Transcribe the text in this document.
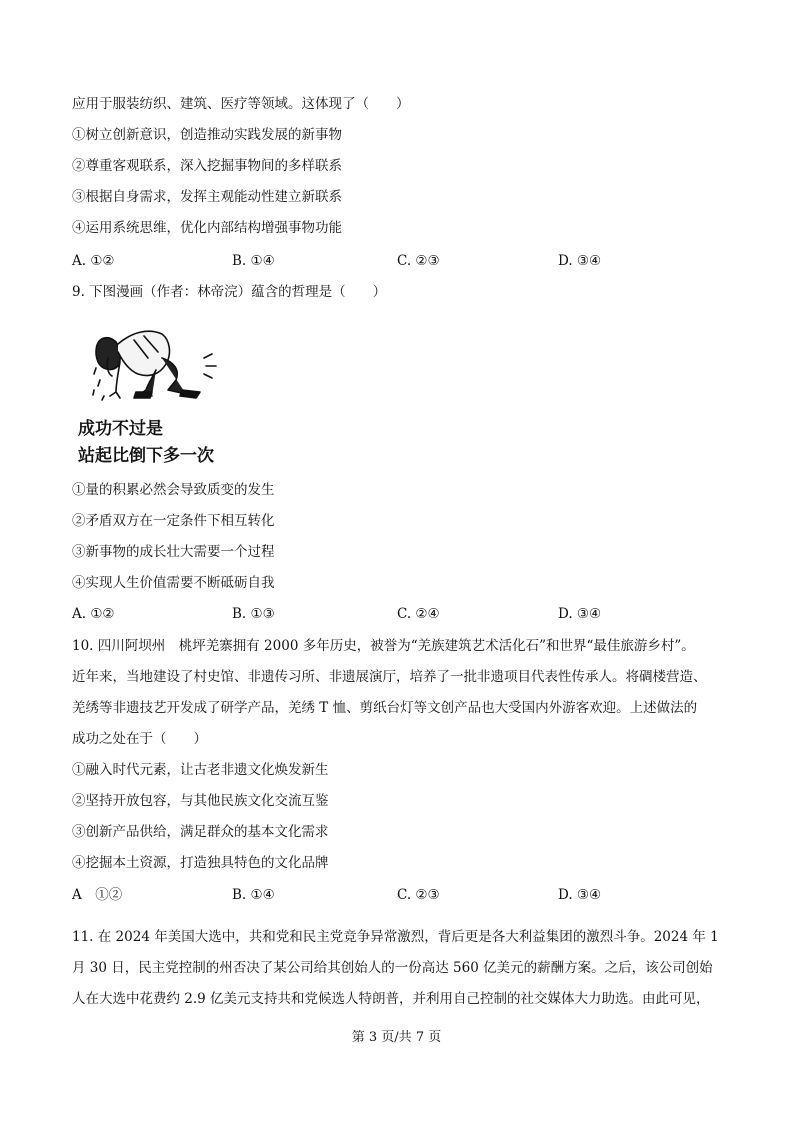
应用于服装纺织、建筑、医疗等领域。这体现了（　　）
①树立创新意识，创造推动实践发展的新事物
②尊重客观联系，深入挖掘事物间的多样联系
③根据自身需求，发挥主观能动性建立新联系
④运用系统思维，优化内部结构增强事物功能
A. ①②	B. ①④	C. ②③	D. ③④
9. 下图漫画（作者：林帝浣）蕴含的哲理是（　　）
成功不过是
站起比倒下多一次
①量的积累必然会导致质变的发生
②矛盾双方在一定条件下相互转化
③新事物的成长壮大需要一个过程
④实现人生价值需要不断砥砺自我
A. ①②	B. ①③	C. ②④	D. ③④
10. 四川阿坝州　桃坪羌寨拥有 2000 多年历史，被誉为“羌族建筑艺术活化石”和世界“最佳旅游乡村”。
近年来，当地建设了村史馆、非遗传习所、非遗展演厅，培养了一批非遗项目代表性传承人。将碉楼营造、
羌绣等非遗技艺开发成了研学产品，羌绣 T 恤、剪纸台灯等文创产品也大受国内外游客欢迎。上述做法的
成功之处在于（　　）
①融入时代元素，让古老非遗文化焕发新生
②坚持开放包容，与其他民族文化交流互鉴
③创新产品供给，满足群众的基本文化需求
④挖掘本土资源，打造独具特色的文化品牌
A　①②	B. ①④	C. ②③	D. ③④
11. 在 2024 年美国大选中，共和党和民主党竞争异常激烈，背后更是各大利益集团的激烈斗争。2024 年 1
月 30 日，民主党控制的州否决了某公司给其创始人的一份高达 560 亿美元的薪酬方案。之后，该公司创始
人在大选中花费约 2.9 亿美元支持共和党候选人特朗普，并利用自己控制的社交媒体大力助选。由此可见，
第 3 页/共 7 页
